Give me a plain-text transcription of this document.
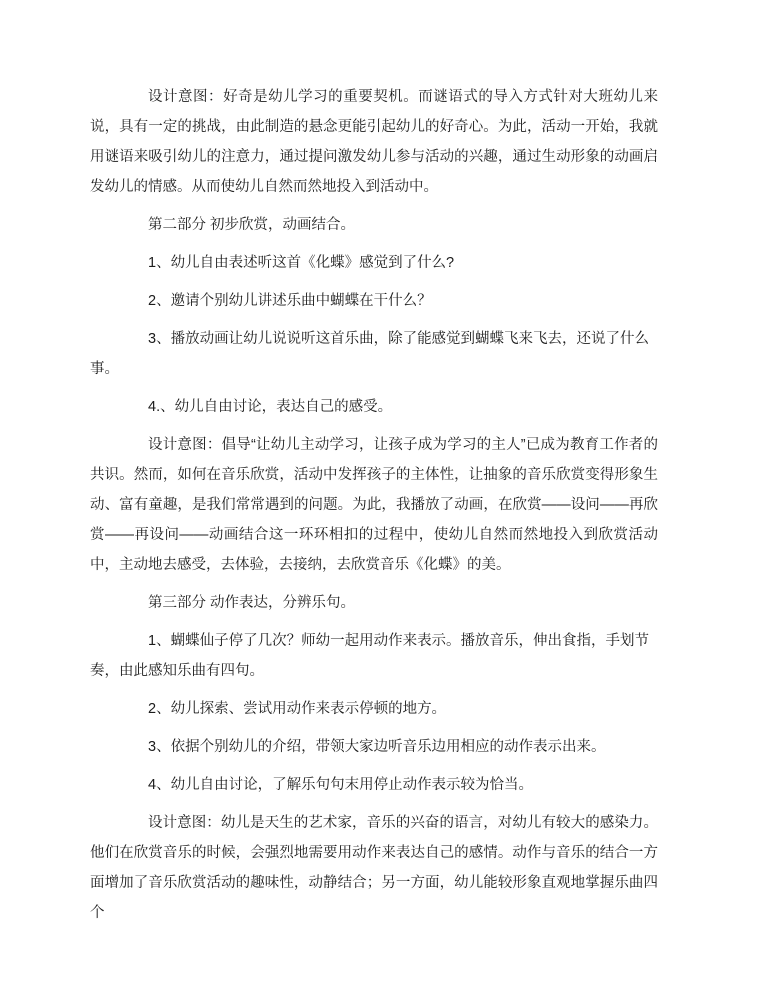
设计意图：好奇是幼儿学习的重要契机。而谜语式的导入方式针对大班幼儿来说，具有一定的挑战，由此制造的悬念更能引起幼儿的好奇心。为此，活动一开始，我就用谜语来吸引幼儿的注意力，通过提问激发幼儿参与活动的兴趣，通过生动形象的动画启发幼儿的情感。从而使幼儿自然而然地投入到活动中。

第二部分 初步欣赏，动画结合。

1、幼儿自由表述听这首《化蝶》感觉到了什么?

2、邀请个别幼儿讲述乐曲中蝴蝶在干什么？

3、播放动画让幼儿说说听这首乐曲，除了能感觉到蝴蝶飞来飞去，还说了什么事。

4.、幼儿自由讨论，表达自己的感受。

设计意图：倡导“让幼儿主动学习，让孩子成为学习的主人”已成为教育工作者的共识。然而，如何在音乐欣赏，活动中发挥孩子的主体性，让抽象的音乐欣赏变得形象生动、富有童趣，是我们常常遇到的问题。为此，我播放了动画，在欣赏——设问——再欣赏——再设问——动画结合这一环环相扣的过程中，使幼儿自然而然地投入到欣赏活动中，主动地去感受，去体验，去接纳，去欣赏音乐《化蝶》的美。

第三部分 动作表达，分辨乐句。

1、蝴蝶仙子停了几次？师幼一起用动作来表示。播放音乐，伸出食指，手划节奏，由此感知乐曲有四句。

2、幼儿探索、尝试用动作来表示停顿的地方。

3、依据个别幼儿的介绍，带领大家边听音乐边用相应的动作表示出来。

4、幼儿自由讨论，了解乐句句末用停止动作表示较为恰当。

设计意图：幼儿是天生的艺术家，音乐的兴奋的语言，对幼儿有较大的感染力。他们在欣赏音乐的时候，会强烈地需要用动作来表达自己的感情。动作与音乐的结合一方面增加了音乐欣赏活动的趣味性，动静结合；另一方面，幼儿能较形象直观地掌握乐曲四个
